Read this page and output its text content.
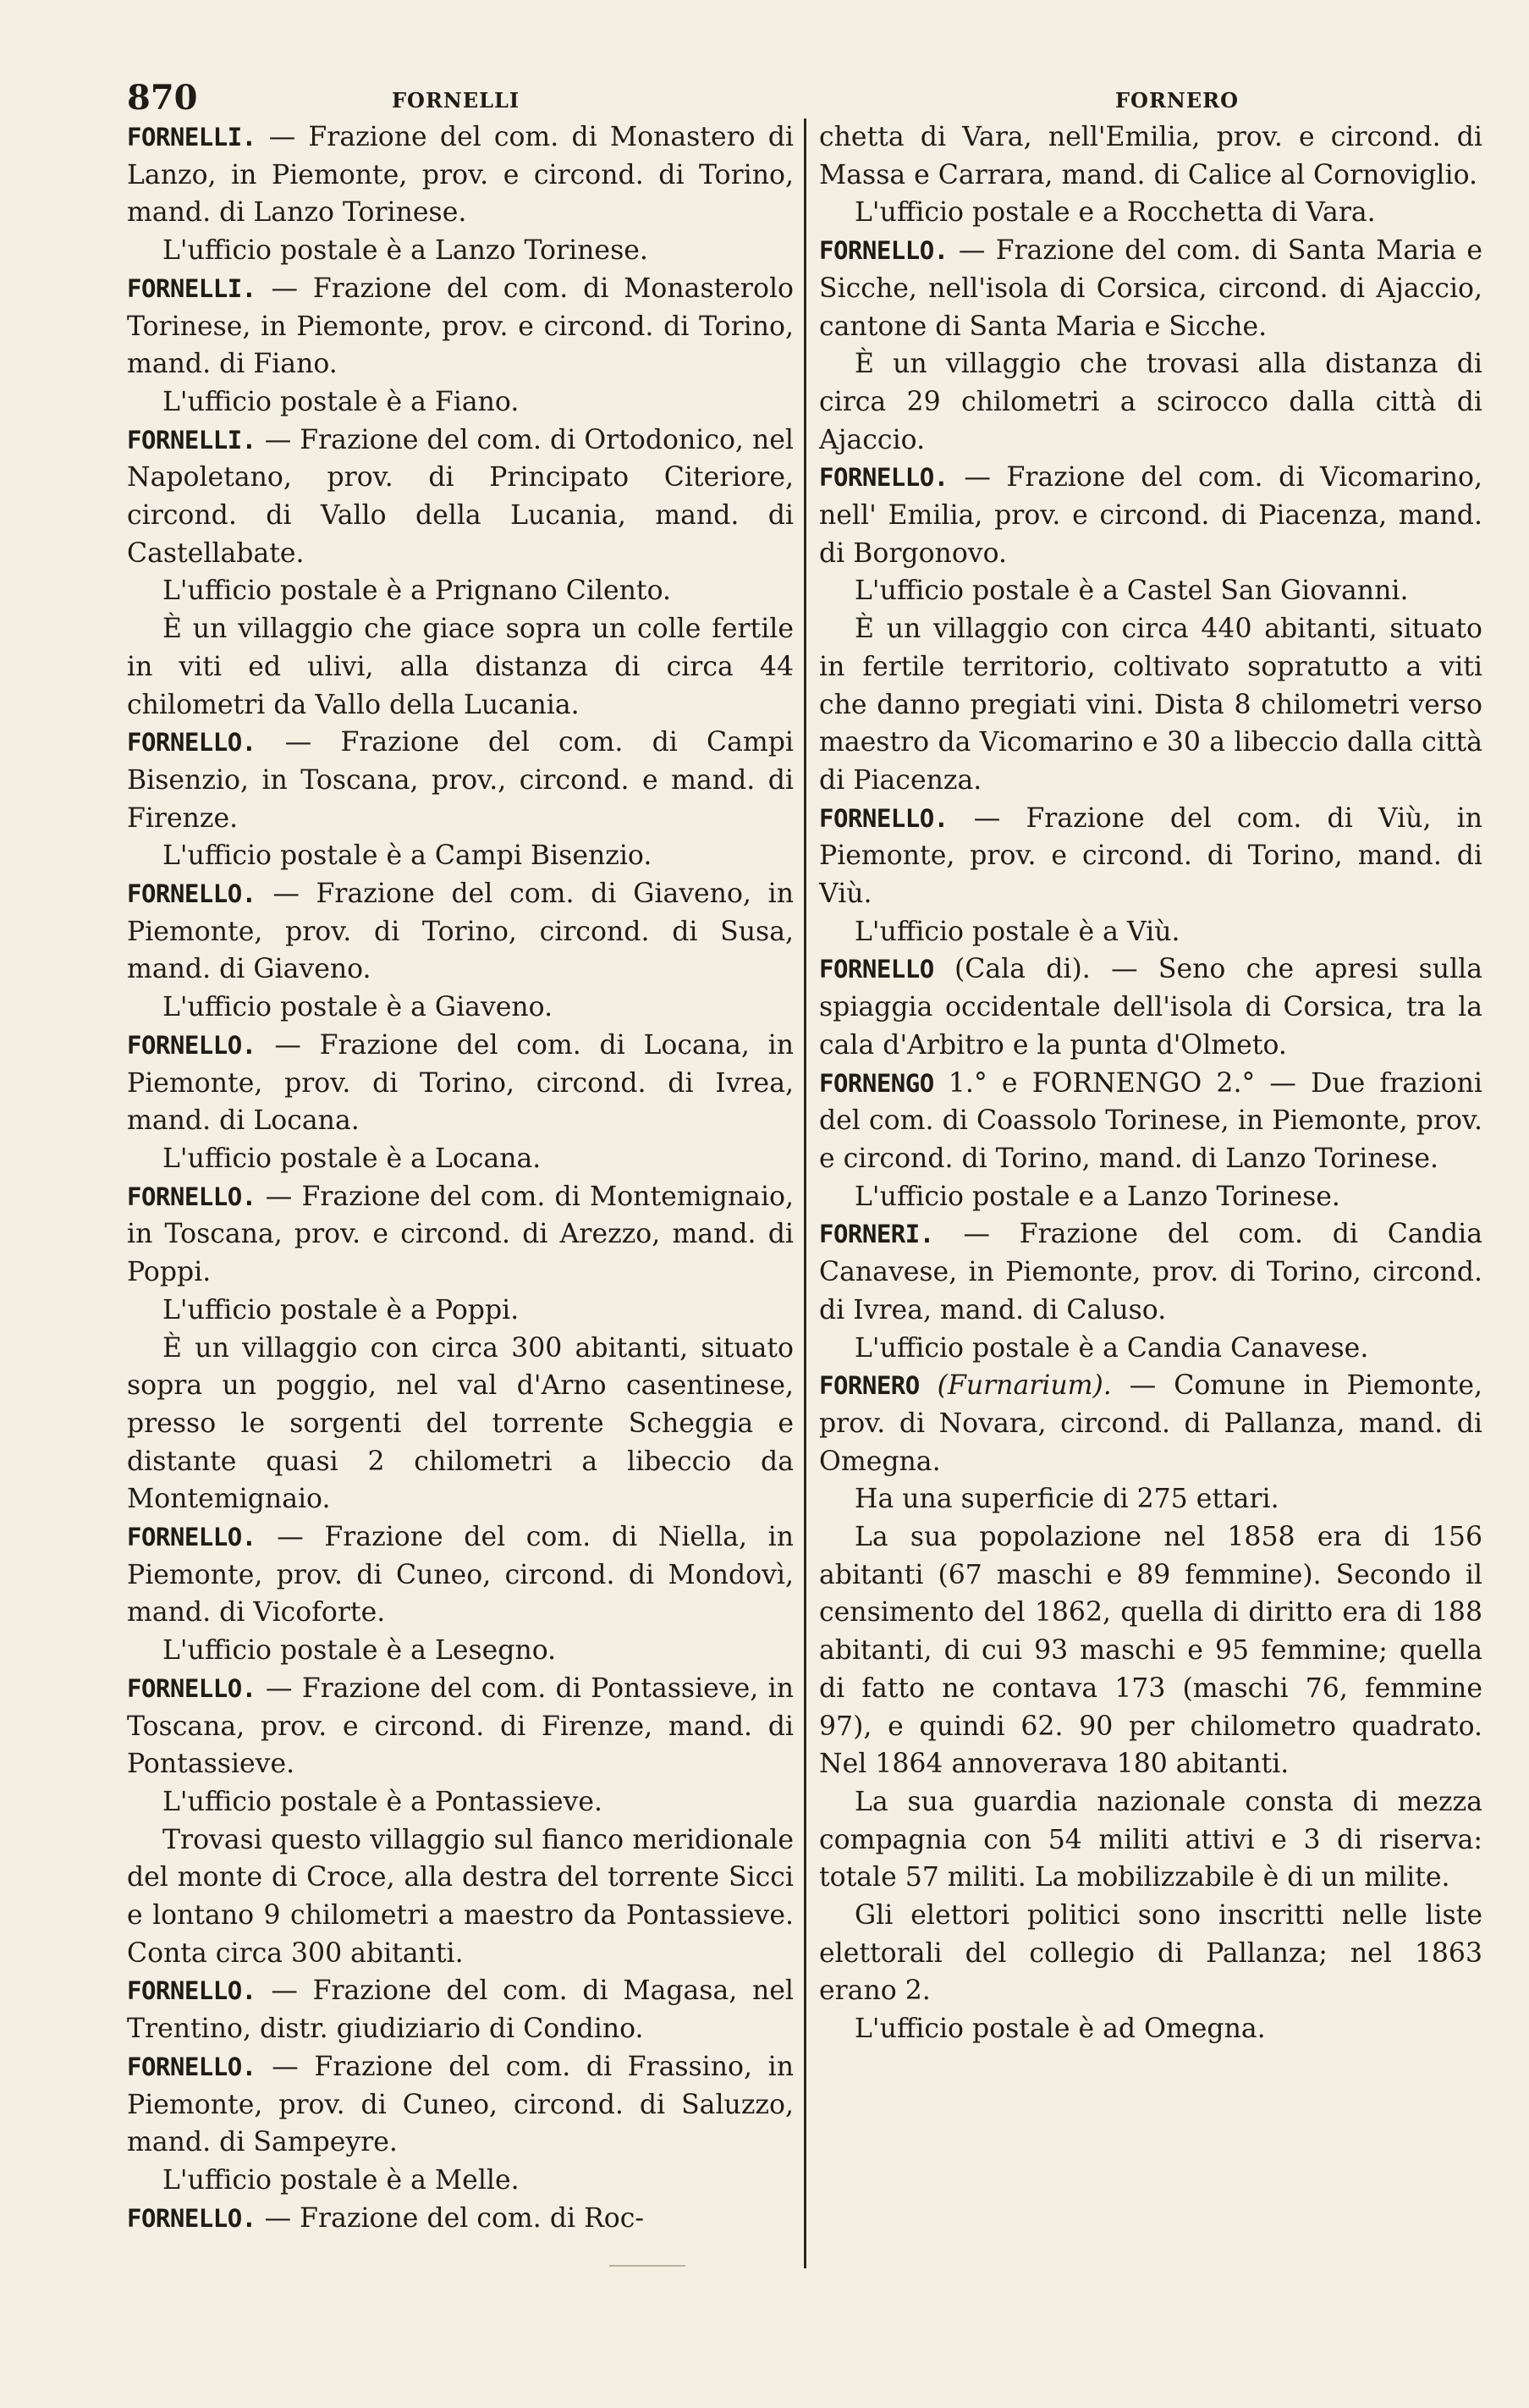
870	FORNELLI	FORNERO

FORNELLI. — Frazione del com. di Monastero di Lanzo, in Piemonte, prov. e circond. di Torino, mand. di Lanzo Torinese.

L'ufficio postale è a Lanzo Torinese.

FORNELLI. — Frazione del com. di Monasterolo Torinese, in Piemonte, prov. e circond. di Torino, mand. di Fiano.

L'ufficio postale è a Fiano.

FORNELLI. — Frazione del com. di Ortodonico, nel Napoletano, prov. di Principato Citeriore, circond. di Vallo della Lucania, mand. di Castellabate.

L'ufficio postale è a Prignano Cilento.

È un villaggio che giace sopra un colle fertile in viti ed ulivi, alla distanza di circa 44 chilometri da Vallo della Lucania.

FORNELLO. — Frazione del com. di Campi Bisenzio, in Toscana, prov., circond. e mand. di Firenze.

L'ufficio postale è a Campi Bisenzio.

FORNELLO. — Frazione del com. di Giaveno, in Piemonte, prov. di Torino, circond. di Susa, mand. di Giaveno.

L'ufficio postale è a Giaveno.

FORNELLO. — Frazione del com. di Locana, in Piemonte, prov. di Torino, circond. di Ivrea, mand. di Locana.

L'ufficio postale è a Locana.

FORNELLO. — Frazione del com. di Montemignaio, in Toscana, prov. e circond. di Arezzo, mand. di Poppi.

L'ufficio postale è a Poppi.

È un villaggio con circa 300 abitanti, situato sopra un poggio, nel val d'Arno casentinese, presso le sorgenti del torrente Scheggia e distante quasi 2 chilometri a libeccio da Montemignaio.

FORNELLO. — Frazione del com. di Niella, in Piemonte, prov. di Cuneo, circond. di Mondovì, mand. di Vicoforte.

L'ufficio postale è a Lesegno.

FORNELLO. — Frazione del com. di Pontassieve, in Toscana, prov. e circond. di Firenze, mand. di Pontassieve.

L'ufficio postale è a Pontassieve.

Trovasi questo villaggio sul fianco meridionale del monte di Croce, alla destra del torrente Sicci e lontano 9 chilometri a maestro da Pontassieve. Conta circa 300 abitanti.

FORNELLO. — Frazione del com. di Magasa, nel Trentino, distr. giudiziario di Condino.

FORNELLO. — Frazione del com. di Frassino, in Piemonte, prov. di Cuneo, circond. di Saluzzo, mand. di Sampeyre.

L'ufficio postale è a Melle.

FORNELLO. — Frazione del com. di Roc-

chetta di Vara, nell'Emilia, prov. e circond. di Massa e Carrara, mand. di Calice al Cornoviglio.

L'ufficio postale e a Rocchetta di Vara.

FORNELLO. — Frazione del com. di Santa Maria e Sicche, nell'isola di Corsica, circond. di Ajaccio, cantone di Santa Maria e Sicche.

È un villaggio che trovasi alla distanza di circa 29 chilometri a scirocco dalla città di Ajaccio.

FORNELLO. — Frazione del com. di Vicomarino, nell' Emilia, prov. e circond. di Piacenza, mand. di Borgonovo.

L'ufficio postale è a Castel San Giovanni.

È un villaggio con circa 440 abitanti, situato in fertile territorio, coltivato sopratutto a viti che danno pregiati vini. Dista 8 chilometri verso maestro da Vicomarino e 30 a libeccio dalla città di Piacenza.

FORNELLO. — Frazione del com. di Viù, in Piemonte, prov. e circond. di Torino, mand. di Viù.

L'ufficio postale è a Viù.

FORNELLO (Cala di). — Seno che apresi sulla spiaggia occidentale dell'isola di Corsica, tra la cala d'Arbitro e la punta d'Olmeto.

FORNENGO 1.° e FORNENGO 2.° — Due frazioni del com. di Coassolo Torinese, in Piemonte, prov. e circond. di Torino, mand. di Lanzo Torinese.

L'ufficio postale e a Lanzo Torinese.

FORNERI. — Frazione del com. di Candia Canavese, in Piemonte, prov. di Torino, circond. di Ivrea, mand. di Caluso.

L'ufficio postale è a Candia Canavese.

FORNERO (Furnarium). — Comune in Piemonte, prov. di Novara, circond. di Pallanza, mand. di Omegna.

Ha una superficie di 275 ettari.

La sua popolazione nel 1858 era di 156 abitanti (67 maschi e 89 femmine). Secondo il censimento del 1862, quella di diritto era di 188 abitanti, di cui 93 maschi e 95 femmine; quella di fatto ne contava 173 (maschi 76, femmine 97), e quindi 62. 90 per chilometro quadrato. Nel 1864 annoverava 180 abitanti.

La sua guardia nazionale consta di mezza compagnia con 54 militi attivi e 3 di riserva: totale 57 militi. La mobilizzabile è di un milite.

Gli elettori politici sono inscritti nelle liste elettorali del collegio di Pallanza; nel 1863 erano 2.

L'ufficio postale è ad Omegna.
